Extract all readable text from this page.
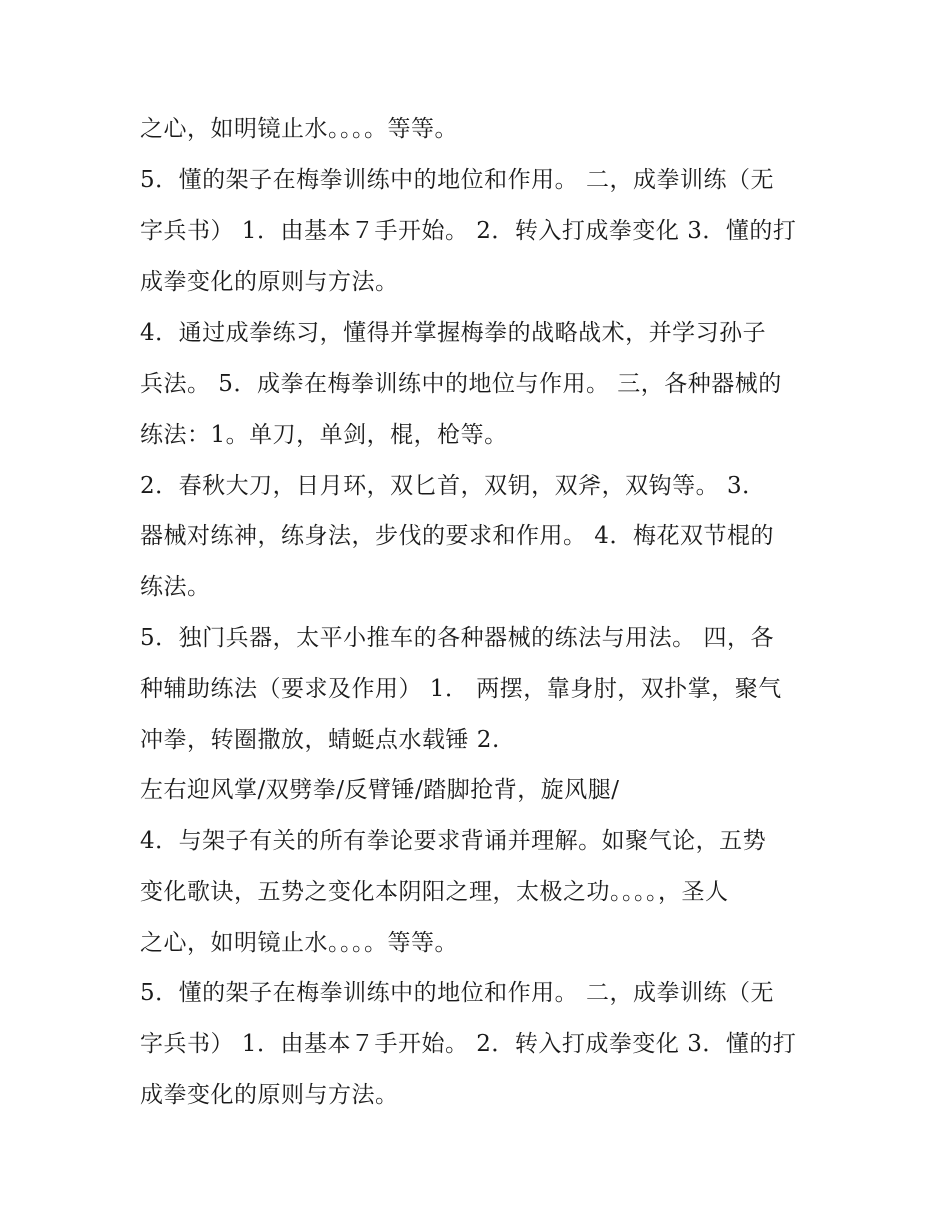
之心，如明镜止水。。。。等等。
5．懂的架子在梅拳训练中的地位和作用。 二，成拳训练（无
字兵书） 1．由基本７手开始。 2．转入打成拳变化 3．懂的打
成拳变化的原则与方法。
4．通过成拳练习，懂得并掌握梅拳的战略战术，并学习孙子
兵法。 5．成拳在梅拳训练中的地位与作用。 三，各种器械的
练法：1。单刀，单剑，棍，枪等。
2．春秋大刀，日月环，双匕首，双钥，双斧，双钩等。 3．
器械对练神，练身法，步伐的要求和作用。 4．梅花双节棍的
练法。
5．独门兵器，太平小推车的各种器械的练法与用法。 四，各
种辅助练法（要求及作用） 1． 两摆，靠身肘，双扑掌，聚气
冲拳，转圈撒放，蜻蜓点水载锤 2.
左右迎风掌/双劈拳/反臂锤/踏脚抢背，旋风腿/
4．与架子有关的所有拳论要求背诵并理解。如聚气论，五势
变化歌诀，五势之变化本阴阳之理，太极之功。。。。，圣人
之心，如明镜止水。。。。等等。
5．懂的架子在梅拳训练中的地位和作用。 二，成拳训练（无
字兵书） 1．由基本７手开始。 2．转入打成拳变化 3．懂的打
成拳变化的原则与方法。
